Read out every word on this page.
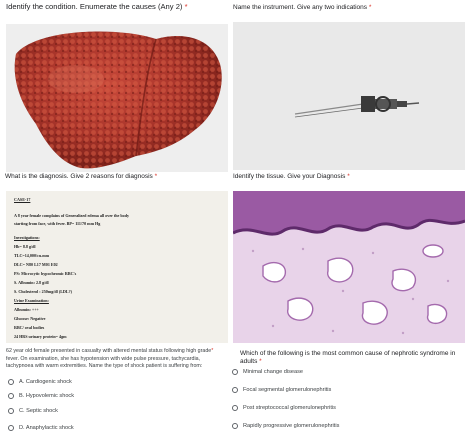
Identify the condition. Enumerate the causes (Any 2) *	Name the instrument. Give any two indications *
What is the diagnosis. Give 2 reasons for diagnosis *
CASE-17
A 8 year female complains of Generalized edema all over the body
starting from face, with fever. BP= 111/70 mm Hg
Investigations:
Hb= 8.8 g/dl
TLC=14,000/cu.mm
DLC= N80 L17 M01 E02
PS: Microcytic hypochromic RBC's
S. Albumin: 2.8 g/dl
S. Cholesterol : 250mg/dl (LDL?)
Urine Examination:
Albumin: +++
Glucose: Negative
RBC/ oval bodies
24 HRS urinary protein= 4gm
Identify the tissue. Give your Diagnosis *
62 year old female presented in casualty with altered mental status following high grade*
fever. On examination, she has hypotension with wide pulse pressure, tachycardia,
tachypnoea with warm extremities. Name the type of shock patient is suffering from:
A. Cardiogenic shock
B. Hypovolemic shock
C. Septic shock
D. Anaphylactic shock
Which of the following is the most common cause of nephrotic syndrome in adults *
Minimal change disease
Focal segmental glomerulonephritis
Post streptococcal glomerulonephritis
Rapidly progressive glomerulonephritis
